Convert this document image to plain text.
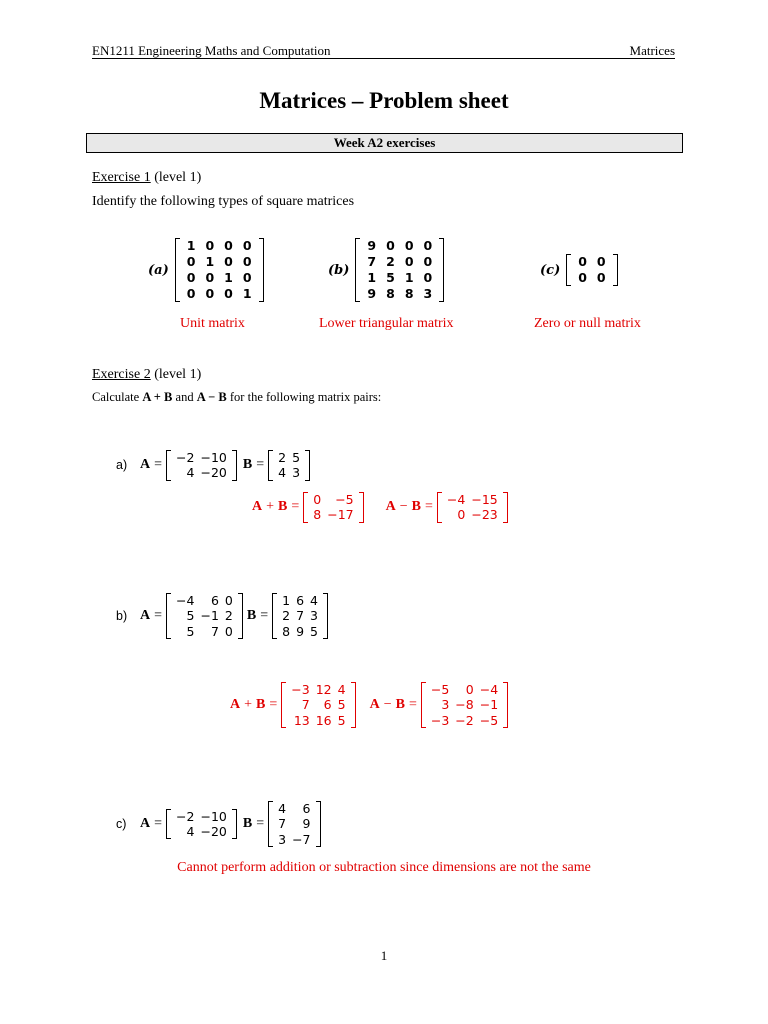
EN1211 Engineering Maths and Computation	Matrices
Matrices – Problem sheet
Week A2 exercises
Exercise 1 (level 1)
Identify the following types of square matrices
(a)
1 0 0 0
0 1 0 0
0 0 1 0
0 0 0 1
(b)
9 0 0 0
7 2 0 0
1 5 1 0
9 8 8 3
(c)
0 0
0 0
Unit matrix	Lower triangular matrix	Zero or null matrix
Exercise 2 (level 1)
Calculate A + B and A − B for the following matrix pairs:
a) A =	−2 −10
4 −20
B =	2 5
4 3
A + B =	0	−5
8 −17
A − B =	−4 −15
0 −23
b) A =
−4	6 0
5 −1 2
5	7 0
B =
1 6 4
2 7 3
8 9 5
A + B =
−3 12 4
7	6 5
13 16 5
A − B =
−5	0 −4
3 −8 −1
−3 −2 −5
c) A =	−2 −10
4 −20
B =
4	6
7	9
3 −7
Cannot perform addition or subtraction since dimensions are not the same
1
